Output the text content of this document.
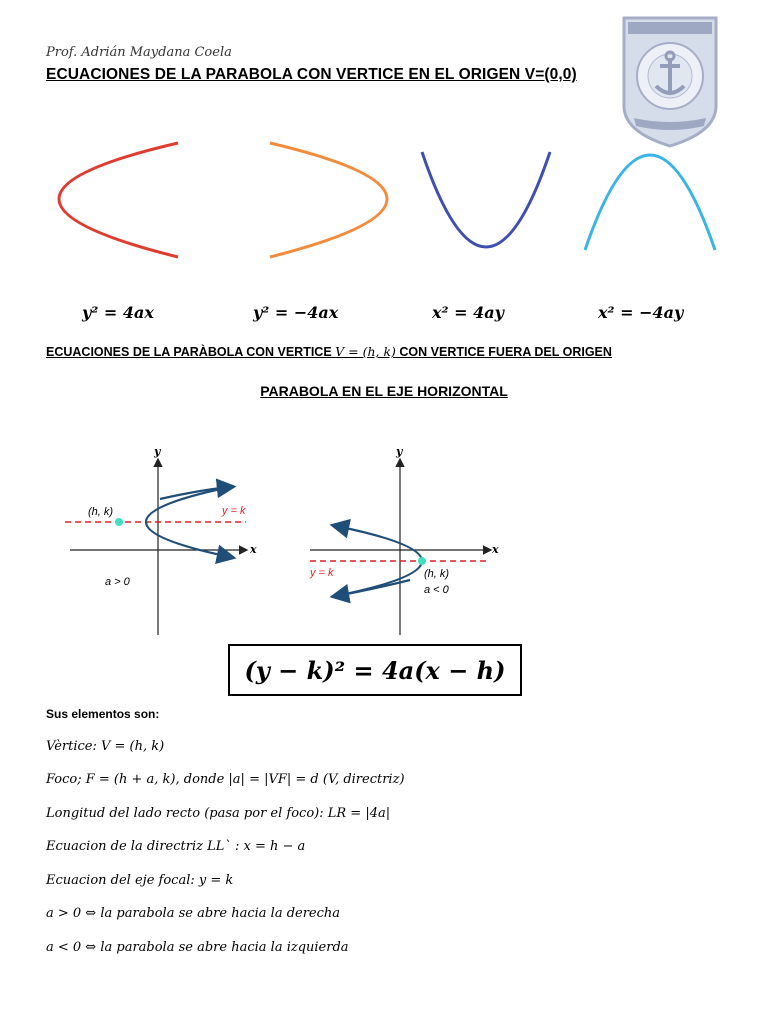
Prof. Adrián Maydana Coela
ECUACIONES DE LA PARABOLA CON VERTICE EN EL ORIGEN V=(0,0)
y² = 4ax	y² = −4ax	x² = 4ay	x² = −4ay
ECUACIONES DE LA PARÀBOLA CON VERTICE V = (h, k) CON VERTICE FUERA DEL ORIGEN
PARABOLA EN EL EJE HORIZONTAL
y
x
(h, k)	y = k
a > 0
y
x
(h, k)
y = k
a < 0
(y − k)² = 4a(x − h)
Sus elementos son:
Vèrtice: V = (h, k)
Foco; F = (h + a, k), donde |a| = |VF| = d (V, directriz)
Longitud del lado recto (pasa por el foco): LR = |4a|
Ecuacion de la directriz LL` : x = h − a
Ecuacion del eje focal: y = k
a > 0 ⇔ la parabola se abre hacia la derecha
a < 0 ⇔ la parabola se abre hacia la izquierda
